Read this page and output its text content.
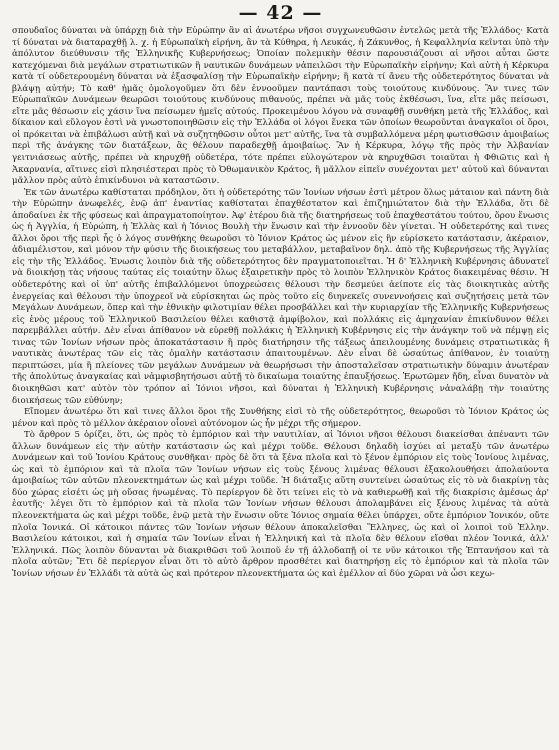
— 42 —

σπουδαῖος δύναται νὰ ὑπάρχῃ διὰ τὴν Εὐρώπην ἂν αἱ ἀνωτέρω νῆσοι συγχωνευθῶσιν ἐντελῶς μετὰ τῆς Ἑλλάδος· Κατὰ τί δύναται νὰ διαταραχθῇ λ. χ. ἡ Εὐρωπαϊκὴ εἰρήνη, ἂν τὰ Κύθηρα, ἡ Λευκάς, ἡ Ζάκυνθος, ἡ Κεφαλληνία κεῖνται ὑπὸ τὴν ἀπόλυτον διεύθυνσιν τῆς Ἑλληνικῆς Κυβερνήσεως; Ὁποίαν πολεμικὴν θέσιν παρουσιάζουσι αἱ νῆσοι αὗται ὥστε κατεχόμεναι διὰ μεγάλων στρατιωτικῶν ἢ ναυτικῶν δυνάμεων νἀπειλῶσι τὴν Εὐρωπαϊκὴν εἰρήνην; Καὶ αὐτὴ ἡ Κέρκυρα κατὰ τί οὐδετερουμένη δύναται νὰ ἐξασφαλίσῃ τὴν Εὐρωπαϊκὴν εἰρήνην; ἢ κατὰ τί ἄνευ τῆς οὐδετερότητος δύναται νὰ βλάψῃ αὐτήν; Τὸ καθ' ἡμᾶς ὁμολογοῦμεν ὅτι δὲν ἐννοοῦμεν παντάπασι τοὺς τοιούτους κινδύνους. Ἂν τινες τῶν Εὐρωπαϊκῶν Δυνάμεων θεωρῶσι τοιούτους κινδύνους πιθανούς, πρέπει νὰ μᾶς τοὺς ἐκθέσωσι, ἵνα, εἴτε μᾶς πείσωσι, εἴτε μᾶς θέσωσιν εἰς χάσιν ἵνα πείσωμεν ἡμεῖς αὐτούς. Προκειμένου λόγου νὰ συναφθῇ συνθήκη μετὰ τῆς Ἑλλάδος, καὶ δίκαιον καὶ εὔλογον ἐστὶ νὰ γνωστοποιηθῶσιν εἰς τὴν Ἑλλάδα οἱ λόγοι ἕνεκα τῶν ὁποίων θεωροῦνται ἀναγκαῖοι οἱ ὅροι, οἱ πρόκειται νὰ ἐπιβάλωσι αὐτῇ καὶ νὰ συζητηθῶσιν οὗτοι μετ' αὐτῆς, ἵνα τὰ συμβαλλόμενα μέρη φωτισθῶσιν ἀμοιβαίως περὶ τῆς ἀνάγκης τῶν διατάξεων, ἃς θέλουν παραδεχθῇ ἀμοιβαίως. Ἂν ἡ Κέρκυρα, λόγῳ τῆς πρὸς τὴν Ἀλβανίαν γειτνιάσεως αὐτῆς, πρέπει νὰ κηρυχθῇ οὐδετέρα, τότε πρέπει εὐλογώτερον νὰ κηρυχθῶσι τοιαῦται ἡ Φθιῶτις καὶ ἡ Ἀκαρνανία, αἵτινες εἰσὶ πλησιέστεραι πρὸς τὸ Ὀθωμανικὸν Κράτος, ἢ μᾶλλον εἰπεῖν συνέχονται μετ' αὐτοῦ καὶ δύνανται μᾶλλον πρὸς αὐτὸ ἐπικίνδυνοι νὰ καταστῶσιν.

Ἐκ τῶν ἀνωτέρω καθίσταται πρόδηλον, ὅτι ἡ οὐδετερότης τῶν Ἰονίων νήσων ἐστὶ μέτρον ὅλως μάταιον καὶ πάντη διὰ τὴν Εὐρώπην ἀνωφελές, ἐνῷ ἀπ' ἐναντίας καθίσταται ἐπαχθέστατον καὶ ἐπιζημιώτατον διὰ τὴν Ἑλλάδα, ὅτι δὲ ἀποδαίνει ἐκ τῆς φύσεως καὶ ἀπραγματοποίητον. Ἀφ' ἑτέρου διὰ τῆς διατηρήσεως τοῦ ἐπαχθεστάτου τούτου, ὅρου ἕνωσις ὡς ἡ Ἀγγλία, ἡ Εὐρώπη, ἡ Ἑλλὰς καὶ ἡ Ἰόνιος Βουλὴ τὴν ἕνωσιν καὶ τὴν ἐννοοῦν δὲν γίνεται. Ἡ οὐδετερότης καὶ τινες ἄλλοι ὅροι τῆς περὶ ἧς ὁ λόγος συνθήκης θεωροῦσι τὸ Ἰόνιον Κράτος ὡς μένον εἰς ἣν εὑρίσκετο κατάστασιν, ἀκέραιον, ἀδιαμέλιστον, καὶ μόνον τὴν φύσιν τῆς διοικήσεως του μεταβάλλον, μεταβαῖνον δηλ. ἀπὸ τῆς Κυβερνήσεως τῆς Ἀγγλίας εἰς τὴν τῆς Ἑλλάδος. Ἐνωσις λοιπὸν διὰ τῆς οὐδετερότητος δὲν πραγματοποιεῖται. Ἡ δ' Ἑλληνικὴ Κυβέρνησις ἀδυνατεῖ νὰ διοικήσῃ τὰς νήσους ταύτας εἰς τοιαύτην ὅλως ἐξαιρετικὴν πρὸς τὸ λοιπὸν Ἑλληνικὸν Κράτος διακειμένας θέσιν. Ἡ οὐδετερότης καὶ οἱ ὑπ' αὐτῆς ἐπιβαλλόμενοι ὑποχρεώσεις θέλουσι τὴν δεσμεύει ἀείποτε εἰς τὰς διοικητικὰς αὐτῆς ἐνεργείας καὶ θέλουσι τὴν ὑποχρεοῖ νὰ εὑρίσκηται ὡς πρὸς τοῦτο εἰς διηνεκεῖς συνεννοήσεις καὶ συζητήσεις μετὰ τῶν Μεγάλων Δυνάμεων, ὅπερ καὶ τὴν ἐθνικὴν φιλοτιμίαν θέλει προσβάλλει καὶ τὴν κυριαρχίαν τῆς Ἑλληνικῆς Κυβερνήσεως εἰς ἑνὸς μέρους τοῦ Ἑλληνικοῦ Βασιλείου θέλει καθιστᾷ ἀμφίβολον, καὶ πολλάκις εἰς ἀμηχανίαν ἐπικίνδυνον θέλει παρεμβάλλει αὐτήν. Δὲν εἶναι ἀπίθανον νὰ εὑρεθῇ πολλάκις ἡ Ἑλληνικὴ Κυβέρνησις εἰς τὴν ἀνάγκην τοῦ νὰ πέμψῃ εἰς τινας τῶν Ἰονίων νήσων πρὸς ἀποκατάστασιν ἢ πρὸς διατήρησιν τῆς τάξεως ἀπειλουμένης δυνάμεις στρατιωτικὰς ἢ ναυτικὰς ἀνωτέρας τῶν εἰς τὰς ὁμαλὴν κατάστασιν ἀπαιτουμένων. Δὲν εἶναι δὲ ὡσαύτως ἀπίθανον, ἐν τοιαύτῃ περιπτώσει, μία ἢ πλείονες τῶν μεγάλων Δυνάμεων νὰ θεωρήσωσι τὴν ἀποσταλεῖσαν στρατιωτικὴν δύναμιν ἀνωτέραν τῆς ἀπολύτως ἀναγκαίας καὶ νἀμφισβητήσωσι αὐτῇ τὸ δικαίωμα τοιαύτης ἐπαυξήσεως. Ἐρωτῶμεν ἤδη, εἶναι δυνατὸν νὰ διοικηθῶσι κατ' αὐτὸν τὸν τρόπον αἱ Ἰόνιοι νῆσοι, καὶ δύναται ἡ Ἑλληνικὴ Κυβέρνησις νἀναλάβῃ τὴν τοιαύτης διοικήσεως τῶν εὐθύνην;

Εἴπομεν ἀνωτέρω ὅτι καὶ τινες ἄλλοι ὅροι τῆς Συνθήκης εἰσὶ τὸ τῆς οὐδετερότητος, θεωροῦσι τὸ Ἰόνιον Κράτος ὡς μένον καὶ πρὸς τὸ μέλλον ἀκέραιον οἷονεὶ αὐτόνομον ὡς ἦν μέχρι τῆς σήμερον.

Τὸ ἄρθρον 5 ὁρίζει, ὅτι, ὡς πρὸς τὸ ἐμπόριον καὶ τὴν ναυτιλίαν, αἱ Ἰόνιοι νῆσοι θέλουσι διακείσθαι ἀπέναντι τῶν ἄλλων δυνάμεων εἰς τὴν αὐτὴν κατάστασιν ὡς καὶ μέχρι τοῦδε. Θέλουσι δηλαδὴ ἰσχύει αἱ μεταξὺ τῶν ἀνωτέρω Δυνάμεων καὶ τοῦ Ἰονίου Κράτους συνθῆκαι· πρὸς δὲ ὅτι τὰ ξένα πλοῖα καὶ τὸ ξένον ἐμπόριον εἰς τοὺς Ἰονίους λιμένας, ὡς καὶ τὸ ἐμπόριον καὶ τὰ πλοῖα τῶν Ἰονίων νήσων εἰς τοὺς ξένους λιμένας θέλουσι ἐξακολουθήσει ἀπολαύοντα ἀμοιβαίως τῶν αὐτῶν πλεονεκτημάτων ὡς καὶ μέχρι τοῦδε. Ἡ διάταξις αὕτη συντείνει ὡσαύτως εἰς τὸ νὰ διακρίνῃ τὰς δύο χώρας εἰσέτι ὡς μὴ οὔσας ἡνωμένας. Τὸ περίεργον δὲ ὅτι τείνει εἰς τὸ νὰ καθιερωθῇ καὶ τῆς διακρίσις ἀμέσως ἀρ' ἑαυτῆς· λέγει ὅτι τὸ ἐμπόριον καὶ τὰ πλοῖα τῶν Ἰονίων νήσων θέλουσι ἀπολαμβάνει εἰς ξένους λιμένας τὰ αὐτὰ πλεονεκτήματα ὡς καὶ μέχρι τοῦδε, ἐνῷ μετὰ τὴν ἕνωσιν οὔτε Ἰόνιος σημαία θέλει ὑπάρχει, οὔτε ἐμπόριον Ἰονικόν, οὔτε πλοῖα Ἰονικά. Οἱ κάτοικοι πάντες τῶν Ἰονίων νήσων θέλουν ἀποκαλεῖσθαι Ἕλληνες, ὡς καὶ οἱ λοιποὶ τοῦ Ἑλλην. Βασιλείου κάτοικοι, καὶ ἡ σημαία τῶν Ἰονίων εἶναι ἡ Ἑλληνική καὶ τὰ πλοῖα δὲν θέλουν εἴσθαι πλέον Ἰονικά, ἀλλ' Ἑλληνικά. Πῶς λοιπὸν δύνανται νὰ διακριθῶσι τοῦ λοιποῦ ἐν τῇ ἀλλοδαπῇ οἱ τε νῦν κάτοικοι τῆς Ἑπτανήσου καὶ τὰ πλοῖα αὐτῶν; Ἔτι δὲ περίεργον εἶναι ὅτι τὸ αὐτὸ ἄρθρον προσθέτει καὶ διατηρήσῃ εἰς τὸ ἐμπόριον καὶ τὰ πλοῖα τῶν Ἰονίων νήσων ἐν Ἑλλάδι τὰ αὐτὰ ὡς καὶ πρότερον πλεονεκτήματα ὡς καὶ ἐμέλλον αἱ δύο χῶραι νὰ ὦσι κεχω-
